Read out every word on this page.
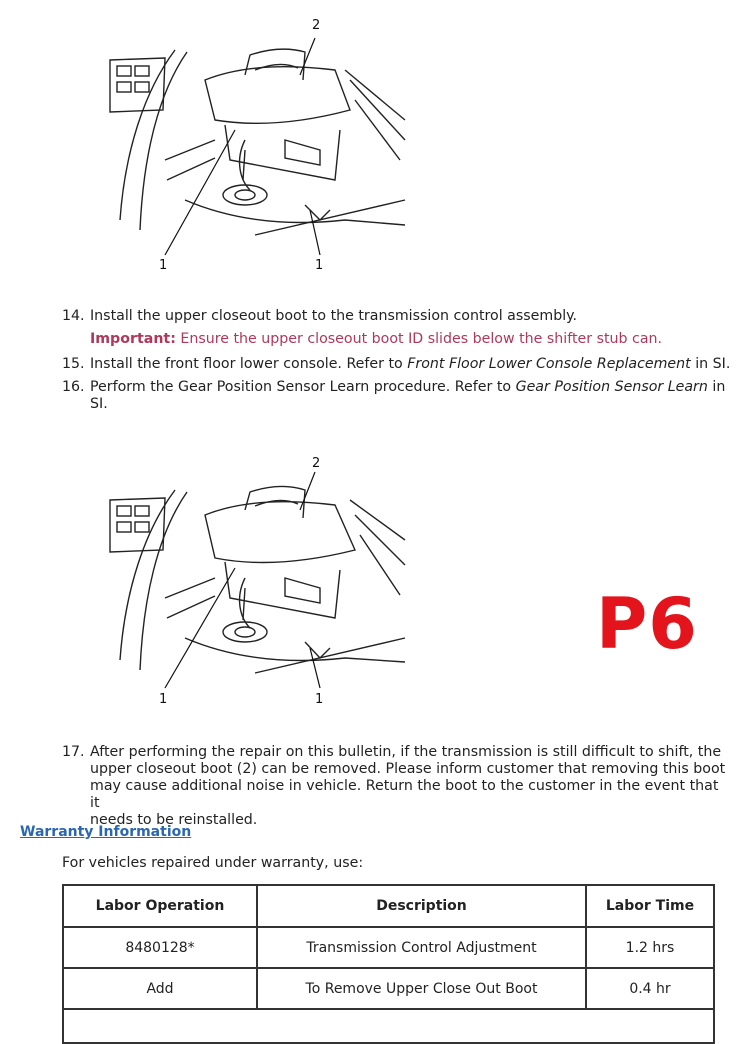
2
1	1
14. Install the upper closeout boot to the transmission control assembly.
Important: Ensure the upper closeout boot ID slides below the shifter stub can.
15. Install the front floor lower console. Refer to Front Floor Lower Console Replacement in SI.
16. Perform the Gear Position Sensor Learn procedure. Refer to Gear Position Sensor Learn in
SI.
2
1	1
P6
17. After performing the repair on this bulletin, if the transmission is still difficult to shift, the
upper closeout boot (2) can be removed. Please inform customer that removing this boot
may cause additional noise in vehicle. Return the boot to the customer in the event that it
needs to be reinstalled.
Warranty Information
For vehicles repaired under warranty, use:
Labor Operation	Description	Labor Time
8480128*	Transmission Control Adjustment	1.2 hrs
Add	To Remove Upper Close Out Boot	0.4 hr
